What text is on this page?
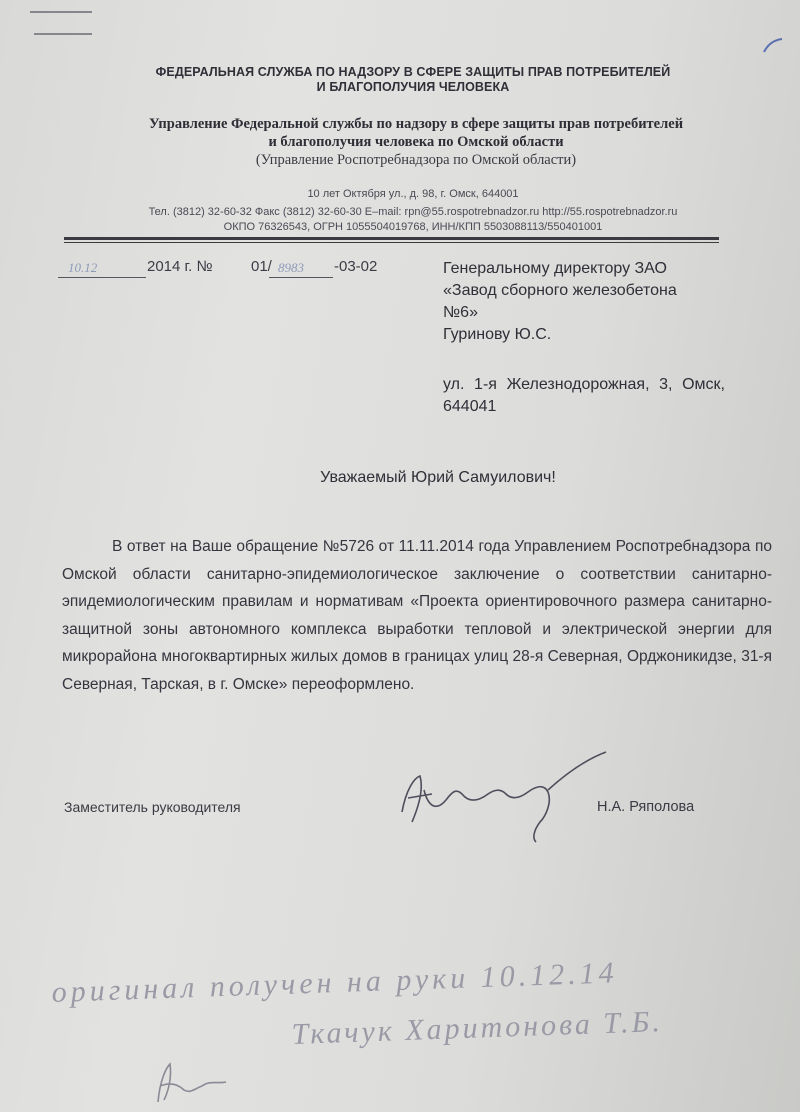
ФЕДЕРАЛЬНАЯ СЛУЖБА ПО НАДЗОРУ В СФЕРЕ ЗАЩИТЫ ПРАВ ПОТРЕБИТЕЛЕЙ
И БЛАГОПОЛУЧИЯ ЧЕЛОВЕКА
Управление Федеральной службы по надзору в сфере защиты прав потребителей
и благополучия человека по Омской области
(Управление Роспотребнадзора по Омской области)
10 лет Октября ул., д. 98, г. Омск, 644001
Тел. (3812) 32-60-32 Факс (3812) 32-60-30 E–mail: rpn@55.rospotrebnadzor.ru http://55.rospotrebnadzor.ru
ОКПО 76326543, ОГРН 1055504019768, ИНН/КПП 5503088113/550401001
10.12	2014 г. №	01/ 8983 -03-02	Генеральному директору ЗАО
«Завод сборного железобетона
№6»
Гуринову Ю.С.
ул. 1-я Железнодорожная, 3, Омск, 644041
Уважаемый Юрий Самуилович!
В ответ на Ваше обращение №5726 от 11.11.2014 года Управлением Роспотребнадзора по Омской области санитарно-эпидемиологическое заключение о соответствии санитарно-эпидемиологическим правилам и нормативам «Проекта ориентировочного размера санитарно-защитной зоны автономного комплекса выработки тепловой и электрической энергии для микрорайона многоквартирных жилых домов в границах улиц 28-я Северная, Орджоникидзе, 31-я Северная, Тарская, в г. Омске» переоформлено.
Заместитель руководителя	Н.А. Ряполова
оригинал получен на руки 10.12.14
Ткачук Харитонова Т.Б.
